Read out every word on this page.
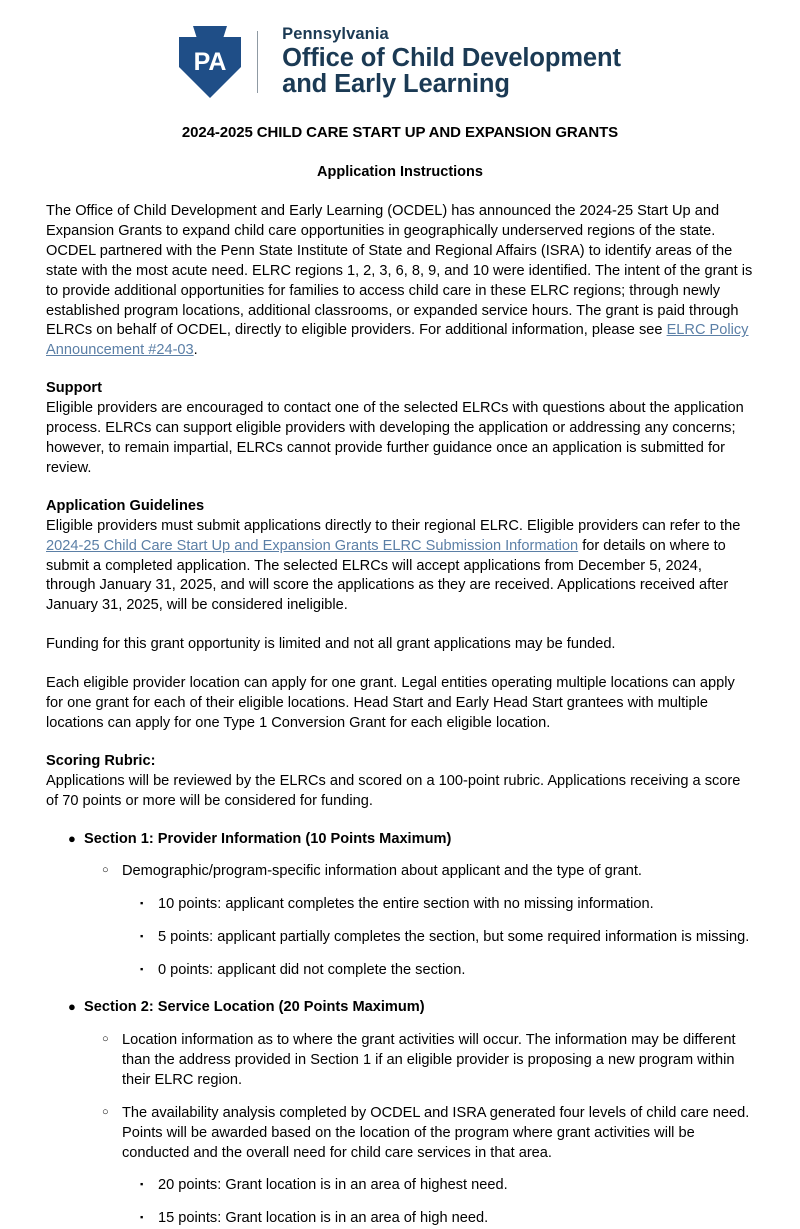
PA
Pennsylvania
Office of Child Development
and Early Learning
2024-2025 CHILD CARE START UP AND EXPANSION GRANTS
Application Instructions

The Office of Child Development and Early Learning (OCDEL) has announced the 2024-25 Start Up and Expansion Grants to expand child care opportunities in geographically underserved regions of the state. OCDEL partnered with the Penn State Institute of State and Regional Affairs (ISRA) to identify areas of the state with the most acute need. ELRC regions 1, 2, 3, 6, 8, 9, and 10 were identified. The intent of the grant is to provide additional opportunities for families to access child care in these ELRC regions; through newly established program locations, additional classrooms, or expanded service hours. The grant is paid through ELRCs on behalf of OCDEL, directly to eligible providers. For additional information, please see ELRC Policy Announcement #24-03.

Support

Eligible providers are encouraged to contact one of the selected ELRCs with questions about the application process. ELRCs can support eligible providers with developing the application or addressing any concerns; however, to remain impartial, ELRCs cannot provide further guidance once an application is submitted for review.

Application Guidelines

Eligible providers must submit applications directly to their regional ELRC. Eligible providers can refer to the 2024-25 Child Care Start Up and Expansion Grants ELRC Submission Information for details on where to submit a completed application. The selected ELRCs will accept applications from December 5, 2024, through January 31, 2025, and will score the applications as they are received. Applications received after January 31, 2025, will be considered ineligible.

Funding for this grant opportunity is limited and not all grant applications may be funded.

Each eligible provider location can apply for one grant. Legal entities operating multiple locations can apply for one grant for each of their eligible locations. Head Start and Early Head Start grantees with multiple locations can apply for one Type 1 Conversion Grant for each eligible location.

Scoring Rubric:

Applications will be reviewed by the ELRCs and scored on a 100-point rubric. Applications receiving a score of 70 points or more will be considered for funding.

● Section 1: Provider Information (10 Points Maximum)
○ Demographic/program-specific information about applicant and the type of grant.
▪ 10 points: applicant completes the entire section with no missing information.
▪ 5 points: applicant partially completes the section, but some required information is missing.
▪ 0 points: applicant did not complete the section.
● Section 2: Service Location (20 Points Maximum)
○ Location information as to where the grant activities will occur. The information may be different than the address provided in Section 1 if an eligible provider is proposing a new program within their ELRC region.
○ The availability analysis completed by OCDEL and ISRA generated four levels of child care need. Points will be awarded based on the location of the program where grant activities will be conducted and the overall need for child care services in that area.
▪ 20 points: Grant location is in an area of highest need.
▪ 15 points: Grant location is in an area of high need.
